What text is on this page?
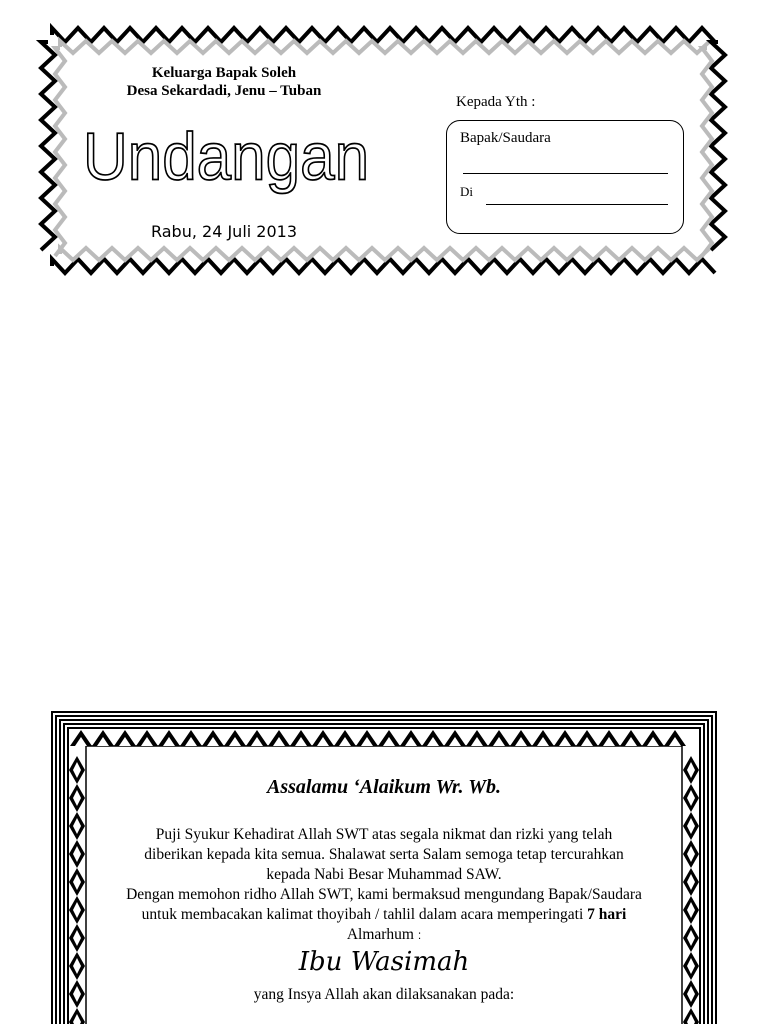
Keluarga Bapak Soleh
Desa Sekardadi, Jenu – Tuban
Undangan
Rabu, 24 Juli 2013
Kepada Yth :
Bapak/Saudara
Di
Assalamu ‘Alaikum Wr. Wb.
Puji Syukur Kehadirat Allah SWT atas segala nikmat dan rizki yang telah
diberikan kepada kita semua. Shalawat serta Salam semoga tetap tercurahkan
kepada Nabi Besar Muhammad SAW.
Dengan memohon ridho Allah SWT, kami bermaksud mengundang Bapak/Saudara
untuk membacakan kalimat thoyibah / tahlil dalam acara memperingati 7 hari
Almarhum :
Ibu Wasimah
yang Insya Allah akan dilaksanakan pada:
